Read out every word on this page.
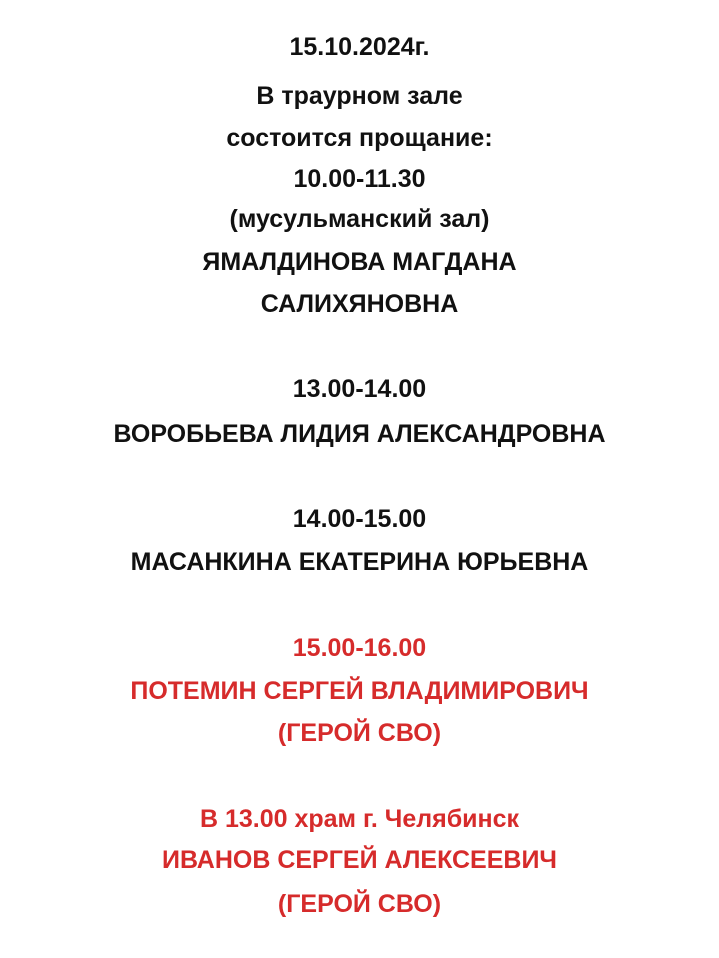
15.10.2024г.
В траурном зале
состоится прощание:
10.00-11.30
(мусульманский зал)
ЯМАЛДИНОВА МАГДАНА
САЛИХЯНОВНА
13.00-14.00
ВОРОБЬЕВА ЛИДИЯ АЛЕКСАНДРОВНА
14.00-15.00
МАСАНКИНА ЕКАТЕРИНА ЮРЬЕВНА
15.00-16.00
ПОТЕМИН СЕРГЕЙ ВЛАДИМИРОВИЧ
(ГЕРОЙ СВО)
В 13.00 храм г. Челябинск
ИВАНОВ СЕРГЕЙ АЛЕКСЕЕВИЧ
(ГЕРОЙ СВО)
